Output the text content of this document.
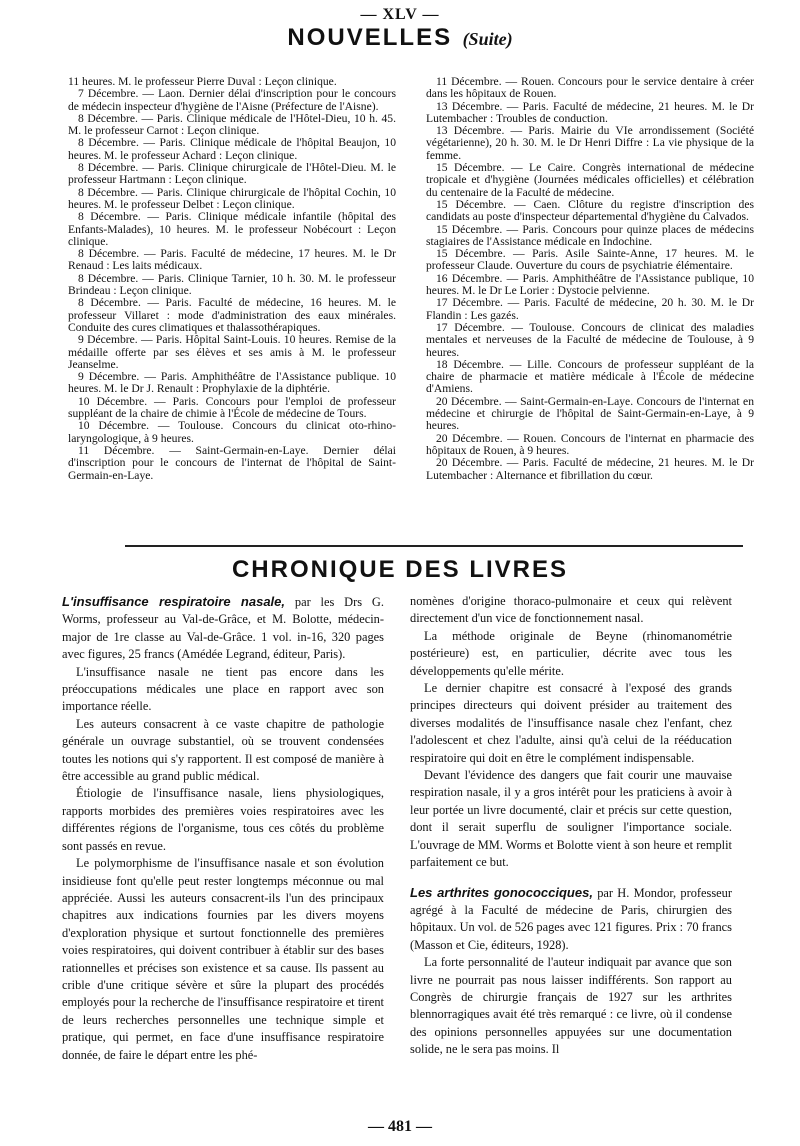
— XLV —
NOUVELLES (Suite)

11 heures. M. le professeur Pierre Duval : Leçon clinique.

7 Décembre. — Laon. Dernier délai d'inscription pour le concours de médecin inspecteur d'hygiène de l'Aisne (Préfecture de l'Aisne).

8 Décembre. — Paris. Clinique médicale de l'Hôtel-Dieu, 10 h. 45. M. le professeur Carnot : Leçon clinique.

8 Décembre. — Paris. Clinique médicale de l'hôpital Beaujon, 10 heures. M. le professeur Achard : Leçon clinique.

8 Décembre. — Paris. Clinique chirurgicale de l'Hôtel-Dieu. M. le professeur Hartmann : Leçon clinique.

8 Décembre. — Paris. Clinique chirurgicale de l'hôpital Cochin, 10 heures. M. le professeur Delbet : Leçon clinique.

8 Décembre. — Paris. Clinique médicale infantile (hôpital des Enfants-Malades), 10 heures. M. le professeur Nobécourt : Leçon clinique.

8 Décembre. — Paris. Faculté de médecine, 17 heures. M. le Dr Renaud : Les laits médicaux.

8 Décembre. — Paris. Clinique Tarnier, 10 h. 30. M. le professeur Brindeau : Leçon clinique.

8 Décembre. — Paris. Faculté de médecine, 16 heures. M. le professeur Villaret : mode d'administration des eaux minérales. Conduite des cures climatiques et thalassothérapiques.

9 Décembre. — Paris. Hôpital Saint-Louis. 10 heures. Remise de la médaille offerte par ses élèves et ses amis à M. le professeur Jeanselme.

9 Décembre. — Paris. Amphithéâtre de l'Assistance publique. 10 heures. M. le Dr J. Renault : Prophylaxie de la diphtérie.

10 Décembre. — Paris. Concours pour l'emploi de professeur suppléant de la chaire de chimie à l'École de médecine de Tours.

10 Décembre. — Toulouse. Concours du clinicat oto-rhino-laryngologique, à 9 heures.

11 Décembre. — Saint-Germain-en-Laye. Dernier délai d'inscription pour le concours de l'internat de l'hôpital de Saint-Germain-en-Laye.

11 Décembre. — Rouen. Concours pour le service dentaire à créer dans les hôpitaux de Rouen.

13 Décembre. — Paris. Faculté de médecine, 21 heures. M. le Dr Lutembacher : Troubles de conduction.

13 Décembre. — Paris. Mairie du VIe arrondissement (Société végétarienne), 20 h. 30. M. le Dr Henri Diffre : La vie physique de la femme.

15 Décembre. — Le Caire. Congrès international de médecine tropicale et d'hygiène (Journées médicales officielles) et célébration du centenaire de la Faculté de médecine.

15 Décembre. — Caen. Clôture du registre d'inscription des candidats au poste d'inspecteur départemental d'hygiène du Calvados.

15 Décembre. — Paris. Concours pour quinze places de médecins stagiaires de l'Assistance médicale en Indochine.

15 Décembre. — Paris. Asile Sainte-Anne, 17 heures. M. le professeur Claude. Ouverture du cours de psychiatrie élémentaire.

16 Décembre. — Paris. Amphithéâtre de l'Assistance publique, 10 heures. M. le Dr Le Lorier : Dystocie pelvienne.

17 Décembre. — Paris. Faculté de médecine, 20 h. 30. M. le Dr Flandin : Les gazés.

17 Décembre. — Toulouse. Concours de clinicat des maladies mentales et nerveuses de la Faculté de médecine de Toulouse, à 9 heures.

18 Décembre. — Lille. Concours de professeur suppléant de la chaire de pharmacie et matière médicale à l'École de médecine d'Amiens.

20 Décembre. — Saint-Germain-en-Laye. Concours de l'internat en médecine et chirurgie de l'hôpital de Saint-Germain-en-Laye, à 9 heures.

20 Décembre. — Rouen. Concours de l'internat en pharmacie des hôpitaux de Rouen, à 9 heures.

20 Décembre. — Paris. Faculté de médecine, 21 heures. M. le Dr Lutembacher : Alternance et fibrillation du cœur.

CHRONIQUE DES LIVRES

L'insuffisance respiratoire nasale, par les Drs G. Worms, professeur au Val-de-Grâce, et M. Bolotte, médecin-major de 1re classe au Val-de-Grâce. 1 vol. in-16, 320 pages avec figures, 25 francs (Amédée Legrand, éditeur, Paris).

L'insuffisance nasale ne tient pas encore dans les préoccupations médicales une place en rapport avec son importance réelle.

Les auteurs consacrent à ce vaste chapitre de pathologie générale un ouvrage substantiel, où se trouvent condensées toutes les notions qui s'y rapportent. Il est composé de manière à être accessible au grand public médical.

Étiologie de l'insuffisance nasale, liens physiologiques, rapports morbides des premières voies respiratoires avec les différentes régions de l'organisme, tous ces côtés du problème sont passés en revue.

Le polymorphisme de l'insuffisance nasale et son évolution insidieuse font qu'elle peut rester longtemps méconnue ou mal appréciée. Aussi les auteurs consacrent-ils l'un des principaux chapitres aux indications fournies par les divers moyens d'exploration physique et surtout fonctionnelle des premières voies respiratoires, qui doivent contribuer à établir sur des bases rationnelles et précises son existence et sa cause. Ils passent au crible d'une critique sévère et sûre la plupart des procédés employés pour la recherche de l'insuffisance respiratoire et tirent de leurs recherches personnelles une technique simple et pratique, qui permet, en face d'une insuffisance respiratoire donnée, de faire le départ entre les phé-

nomènes d'origine thoraco-pulmonaire et ceux qui relèvent directement d'un vice de fonctionnement nasal.

La méthode originale de Beyne (rhinomanométrie postérieure) est, en particulier, décrite avec tous les développements qu'elle mérite.

Le dernier chapitre est consacré à l'exposé des grands principes directeurs qui doivent présider au traitement des diverses modalités de l'insuffisance nasale chez l'enfant, chez l'adolescent et chez l'adulte, ainsi qu'à celui de la rééducation respiratoire qui doit en être le complément indispensable.

Devant l'évidence des dangers que fait courir une mauvaise respiration nasale, il y a gros intérêt pour les praticiens à avoir à leur portée un livre documenté, clair et précis sur cette question, dont il serait superflu de souligner l'importance sociale. L'ouvrage de MM. Worms et Bolotte vient à son heure et remplit parfaitement ce but.

Les arthrites gonococciques, par H. Mondor, professeur agrégé à la Faculté de médecine de Paris, chirurgien des hôpitaux. Un vol. de 526 pages avec 121 figures. Prix : 70 francs (Masson et Cie, éditeurs, 1928).

La forte personnalité de l'auteur indiquait par avance que son livre ne pourrait pas nous laisser indifférents. Son rapport au Congrès de chirurgie français de 1927 sur les arthrites blennorragiques avait été très remarqué : ce livre, où il condense des opinions personnelles appuyées sur une documentation solide, ne le sera pas moins. Il

— 481 —
